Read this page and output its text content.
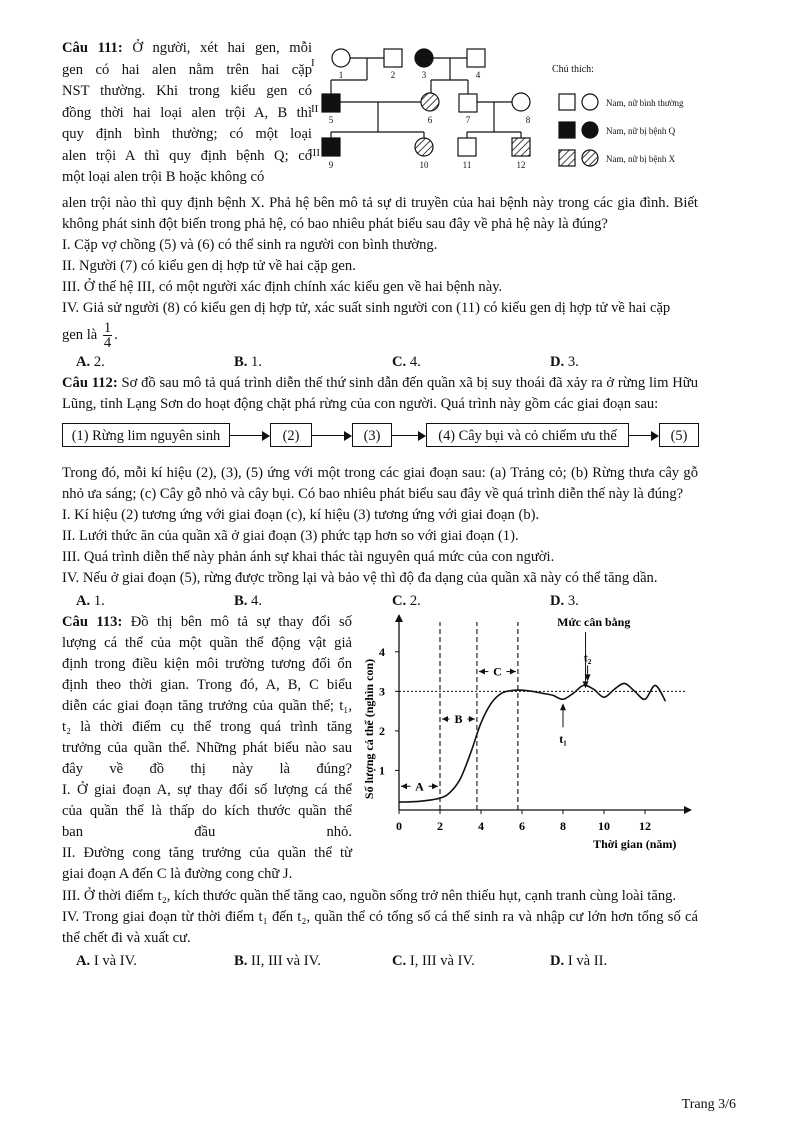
Câu 111: Ở người, xét hai gen, mỗi
gen có hai alen nằm trên hai cặp
NST thường. Khi trong kiểu gen có
đồng thời hai loại alen trội A, B thì
quy định bình thường; có một loại
alen trội A thì quy định bệnh Q; có
một loại alen trội B hoặc không có

I
II
III
1	2	3	4
5	6	7	8
9	10	11	12
Chú thích:
Nam, nữ bình thường
Nam, nữ bị bệnh Q
Nam, nữ bị bệnh X

alen trội nào thì quy định bệnh X. Phả hệ bên mô tả sự di truyền của hai bệnh này trong các gia đình. Biết không phát sinh đột biến trong phả hệ, có bao nhiêu phát biểu sau đây về phả hệ này là đúng?

I. Cặp vợ chồng (5) và (6) có thể sinh ra người con bình thường.

II. Người (7) có kiểu gen dị hợp tử về hai cặp gen.

III. Ở thế hệ III, có một người xác định chính xác kiểu gen về hai bệnh này.

IV. Giả sử người (8) có kiểu gen dị hợp tử, xác suất sinh người con (11) có kiểu gen dị hợp tử về hai cặp

gen là $\frac{1}{4}$ .

A. 2.	B. 1.	C. 4.	D. 3.

Câu 112: Sơ đồ sau mô tả quá trình diễn thế thứ sinh dẫn đến quần xã bị suy thoái đã xảy ra ở rừng lim Hữu Lũng, tỉnh Lạng Sơn do hoạt động chặt phá rừng của con người. Quá trình này gồm các giai đoạn sau:

(1) Rừng lim nguyên sinh	(2)	(3)	(4) Cây bụi và cỏ chiếm ưu thế	(5)

Trong đó, mỗi kí hiệu (2), (3), (5) ứng với một trong các giai đoạn sau: (a) Trảng cỏ; (b) Rừng thưa cây gỗ nhỏ ưa sáng; (c) Cây gỗ nhỏ và cây bụi. Có bao nhiêu phát biểu sau đây về quá trình diễn thế này là đúng?

I. Kí hiệu (2) tương ứng với giai đoạn (c), kí hiệu (3) tương ứng với giai đoạn (b).

II. Lưới thức ăn của quần xã ở giai đoạn (3) phức tạp hơn so với giai đoạn (1).

III. Quá trình diễn thế này phản ánh sự khai thác tài nguyên quá mức của con người.

IV. Nếu ở giai đoạn (5), rừng được trồng lại và bảo vệ thì độ đa dạng của quần xã này có thể tăng dần.

A. 1.	B. 4.	C. 2.	D. 3.

Câu 113: Đồ thị bên mô tả sự thay đổi số
lượng cá thể của một quần thể động vật giả
định trong điều kiện môi trường tương đối ổn
định theo thời gian. Trong đó, A, B, C biểu
diễn các giai đoạn tăng trưởng của quần thể; t₁,
t₂ là thời điểm cụ thể trong quá trình tăng
trưởng của quần thể. Những phát biểu nào sau
đây về đồ thị này là đúng?
I. Ở giai đoạn A, sự thay đổi số lượng cá thể
của quần thể là thấp do kích thước quần thể
ban đầu nhỏ.
II. Đường cong tăng trưởng của quần thể từ
giai đoạn A đến C là đường cong chữ J.

1
2
3
4
0	2	4	6	8	10 12
Thời gian (năm)
Số lượng cá thể (nghìn con)	A
B
C
Mức cân bằng
t₁
t₂

III. Ở thời điểm t₂, kích thước quần thể tăng cao, nguồn sống trở nên thiếu hụt, cạnh tranh cùng loài tăng.

IV. Trong giai đoạn từ thời điểm t₁ đến t₂, quần thể có tổng số cá thể sinh ra và nhập cư lớn hơn tổng số cá thể chết đi và xuất cư.

A. I và IV.	B. II, III và IV.	C. I, III và IV.	D. I và II.
Trang 3/6
